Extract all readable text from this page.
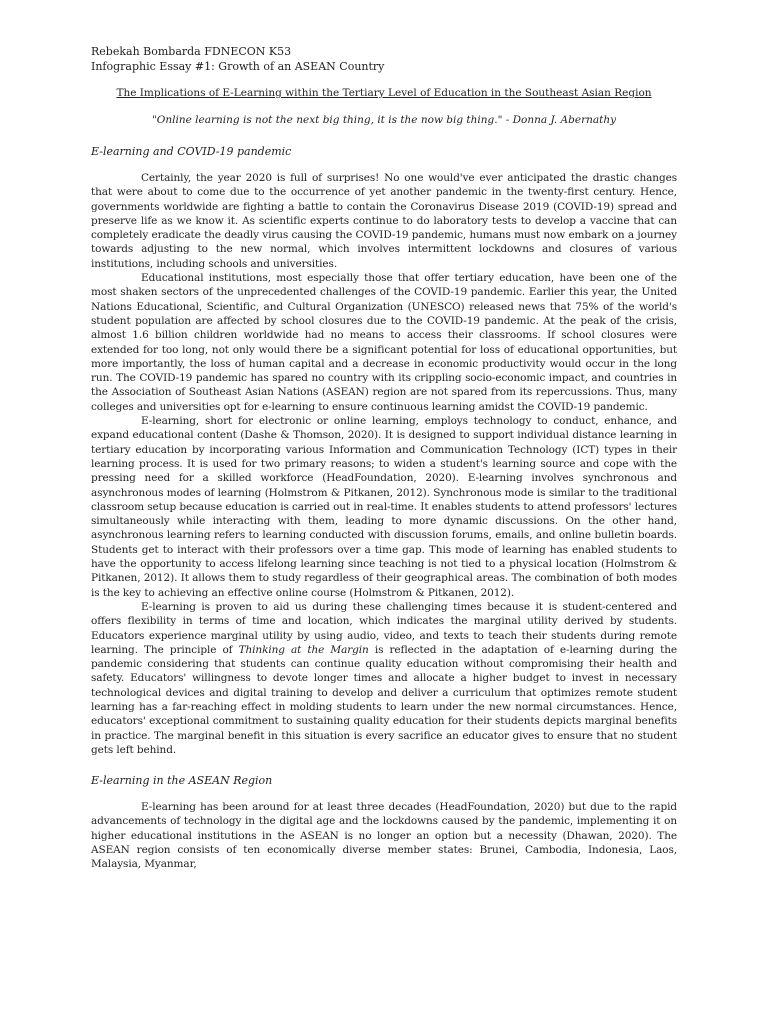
Rebekah Bombarda FDNECON K53

Infographic Essay #1: Growth of an ASEAN Country

The Implications of E-Learning within the Tertiary Level of Education in the Southeast Asian Region

"Online learning is not the next big thing, it is the now big thing." - Donna J. Abernathy

E-learning and COVID-19 pandemic

Certainly, the year 2020 is full of surprises! No one would've ever anticipated the drastic changes that were about to come due to the occurrence of yet another pandemic in the twenty-first century. Hence, governments worldwide are fighting a battle to contain the Coronavirus Disease 2019 (COVID-19) spread and preserve life as we know it. As scientific experts continue to do laboratory tests to develop a vaccine that can completely eradicate the deadly virus causing the COVID-19 pandemic, humans must now embark on a journey towards adjusting to the new normal, which involves intermittent lockdowns and closures of various institutions, including schools and universities.

Educational institutions, most especially those that offer tertiary education, have been one of the most shaken sectors of the unprecedented challenges of the COVID-19 pandemic. Earlier this year, the United Nations Educational, Scientific, and Cultural Organization (UNESCO) released news that 75% of the world's student population are affected by school closures due to the COVID-19 pandemic. At the peak of the crisis, almost 1.6 billion children worldwide had no means to access their classrooms. If school closures were extended for too long, not only would there be a significant potential for loss of educational opportunities, but more importantly, the loss of human capital and a decrease in economic productivity would occur in the long run. The COVID-19 pandemic has spared no country with its crippling socio-economic impact, and countries in the Association of Southeast Asian Nations (ASEAN) region are not spared from its repercussions. Thus, many colleges and universities opt for e-learning to ensure continuous learning amidst the COVID-19 pandemic.

E-learning, short for electronic or online learning, employs technology to conduct, enhance, and expand educational content (Dashe & Thomson, 2020). It is designed to support individual distance learning in tertiary education by incorporating various Information and Communication Technology (ICT) types in their learning process. It is used for two primary reasons; to widen a student's learning source and cope with the pressing need for a skilled workforce (HeadFoundation, 2020). E-learning involves synchronous and asynchronous modes of learning (Holmstrom & Pitkanen, 2012). Synchronous mode is similar to the traditional classroom setup because education is carried out in real-time. It enables students to attend professors' lectures simultaneously while interacting with them, leading to more dynamic discussions. On the other hand, asynchronous learning refers to learning conducted with discussion forums, emails, and online bulletin boards. Students get to interact with their professors over a time gap. This mode of learning has enabled students to have the opportunity to access lifelong learning since teaching is not tied to a physical location (Holmstrom & Pitkanen, 2012). It allows them to study regardless of their geographical areas. The combination of both modes is the key to achieving an effective online course (Holmstrom & Pitkanen, 2012).

E-learning is proven to aid us during these challenging times because it is student-centered and offers flexibility in terms of time and location, which indicates the marginal utility derived by students. Educators experience marginal utility by using audio, video, and texts to teach their students during remote learning. The principle of Thinking at the Margin is reflected in the adaptation of e-learning during the pandemic considering that students can continue quality education without compromising their health and safety. Educators' willingness to devote longer times and allocate a higher budget to invest in necessary technological devices and digital training to develop and deliver a curriculum that optimizes remote student learning has a far-reaching effect in molding students to learn under the new normal circumstances. Hence, educators' exceptional commitment to sustaining quality education for their students depicts marginal benefits in practice. The marginal benefit in this situation is every sacrifice an educator gives to ensure that no student gets left behind.

E-learning in the ASEAN Region

E-learning has been around for at least three decades (HeadFoundation, 2020) but due to the rapid advancements of technology in the digital age and the lockdowns caused by the pandemic, implementing it on higher educational institutions in the ASEAN is no longer an option but a necessity (Dhawan, 2020). The ASEAN region consists of ten economically diverse member states: Brunei, Cambodia, Indonesia, Laos, Malaysia, Myanmar,
